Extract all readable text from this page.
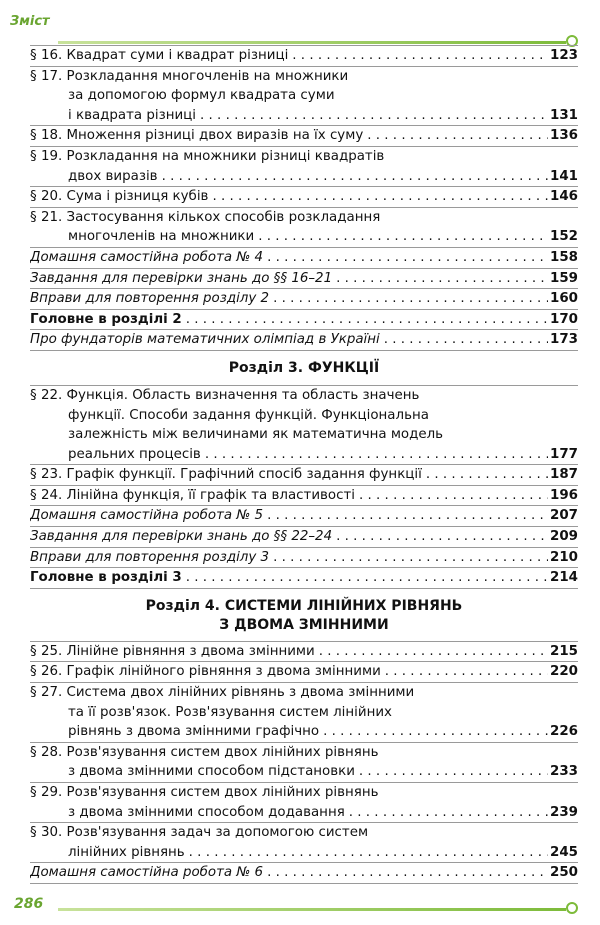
Зміст
§ 16. Квадрат суми і квадрат різниці . . .	123
§ 17. Розкладання многочленів на множники
за допомогою формул квадрата суми
і квадрата різниці . . .	131
§ 18. Множення різниці двох виразів на їх суму . . .	136
§ 19. Розкладання на множники різниці квадратів
двох виразів . . .	141
§ 20. Сума і різниця кубів . . .	146
§ 21. Застосування кількох способів розкладання
многочленів на множники . . .	152
Домашня самостійна робота № 4 . . .	158
Завдання для перевірки знань до §§ 16–21 . . .	159
Вправи для повторення розділу 2 . . .	160
Головне в розділі 2 . . .	170
Про фундаторів математичних олімпіад в Україні . . .	173
Розділ 3. ФУНКЦІЇ
§ 22. Функція. Область визначення та область значень
функції. Способи задання функцій. Функціональна
залежність між величинами як математична модель
реальних процесів . . .	177
§ 23. Графік функції. Графічний спосіб задання функції . . .	187
§ 24. Лінійна функція, її графік та властивості . . .	196
Домашня самостійна робота № 5 . . .	207
Завдання для перевірки знань до §§ 22–24 . . .	209
Вправи для повторення розділу 3 . . .	210
Головне в розділі 3 . . .	214
Розділ 4. СИСТЕМИ ЛІНІЙНИХ РІВНЯНЬ
З ДВОМА ЗМІННИМИ
§ 25. Лінійне рівняння з двома змінними . . .	215
§ 26. Графік лінійного рівняння з двома змінними . . .	220
§ 27. Система двох лінійних рівнянь з двома змінними
та її розв'язок. Розв'язування систем лінійних
рівнянь з двома змінними графічно . . .	226
§ 28. Розв'язування систем двох лінійних рівнянь
з двома змінними способом підстановки . . .	233
§ 29. Розв'язування систем двох лінійних рівнянь
з двома змінними способом додавання . . .	239
§ 30. Розв'язування задач за допомогою систем
лінійних рівнянь . . .	245
Домашня самостійна робота № 6 . . .	250
286
